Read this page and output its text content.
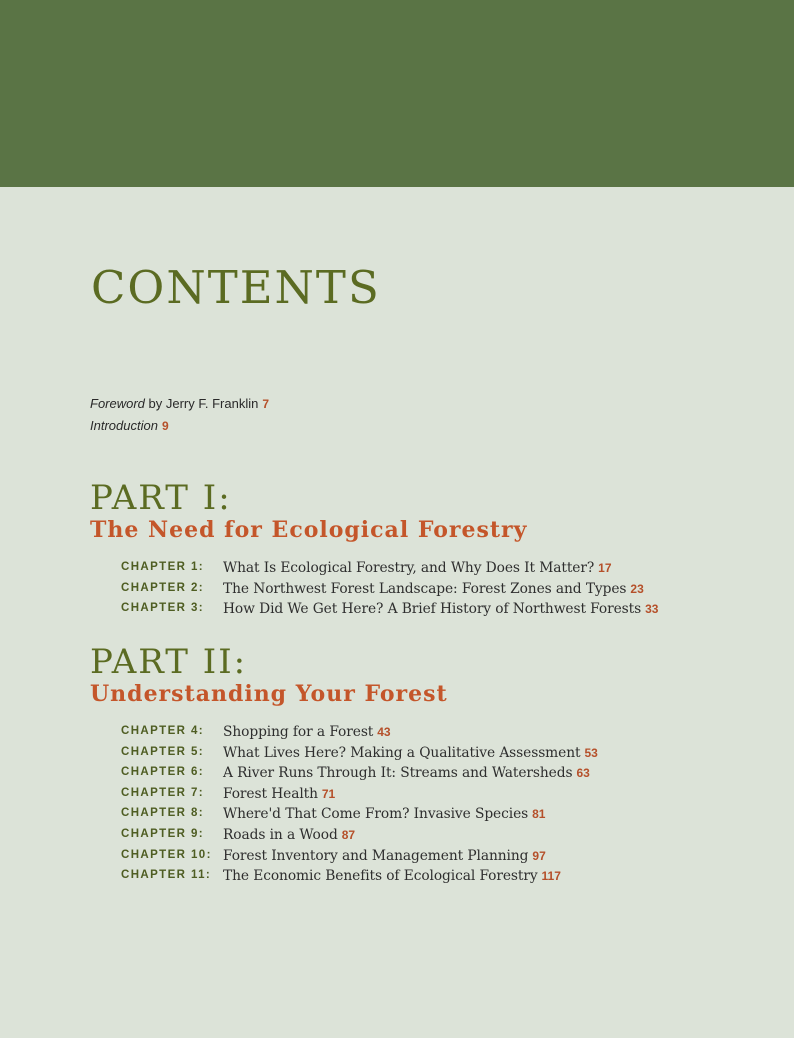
CONTENTS
Foreword by Jerry F. Franklin 7
Introduction 9
PART I:
The Need for Ecological Forestry
CHAPTER 1: What Is Ecological Forestry, and Why Does It Matter? 17
CHAPTER 2: The Northwest Forest Landscape: Forest Zones and Types 23
CHAPTER 3: How Did We Get Here? A Brief History of Northwest Forests 33
PART II:
Understanding Your Forest
CHAPTER 4: Shopping for a Forest 43
CHAPTER 5: What Lives Here? Making a Qualitative Assessment 53
CHAPTER 6: A River Runs Through It: Streams and Watersheds 63
CHAPTER 7: Forest Health 71
CHAPTER 8: Where'd That Come From? Invasive Species 81
CHAPTER 9: Roads in a Wood 87
CHAPTER 10: Forest Inventory and Management Planning 97
CHAPTER 11: The Economic Benefits of Ecological Forestry 117
